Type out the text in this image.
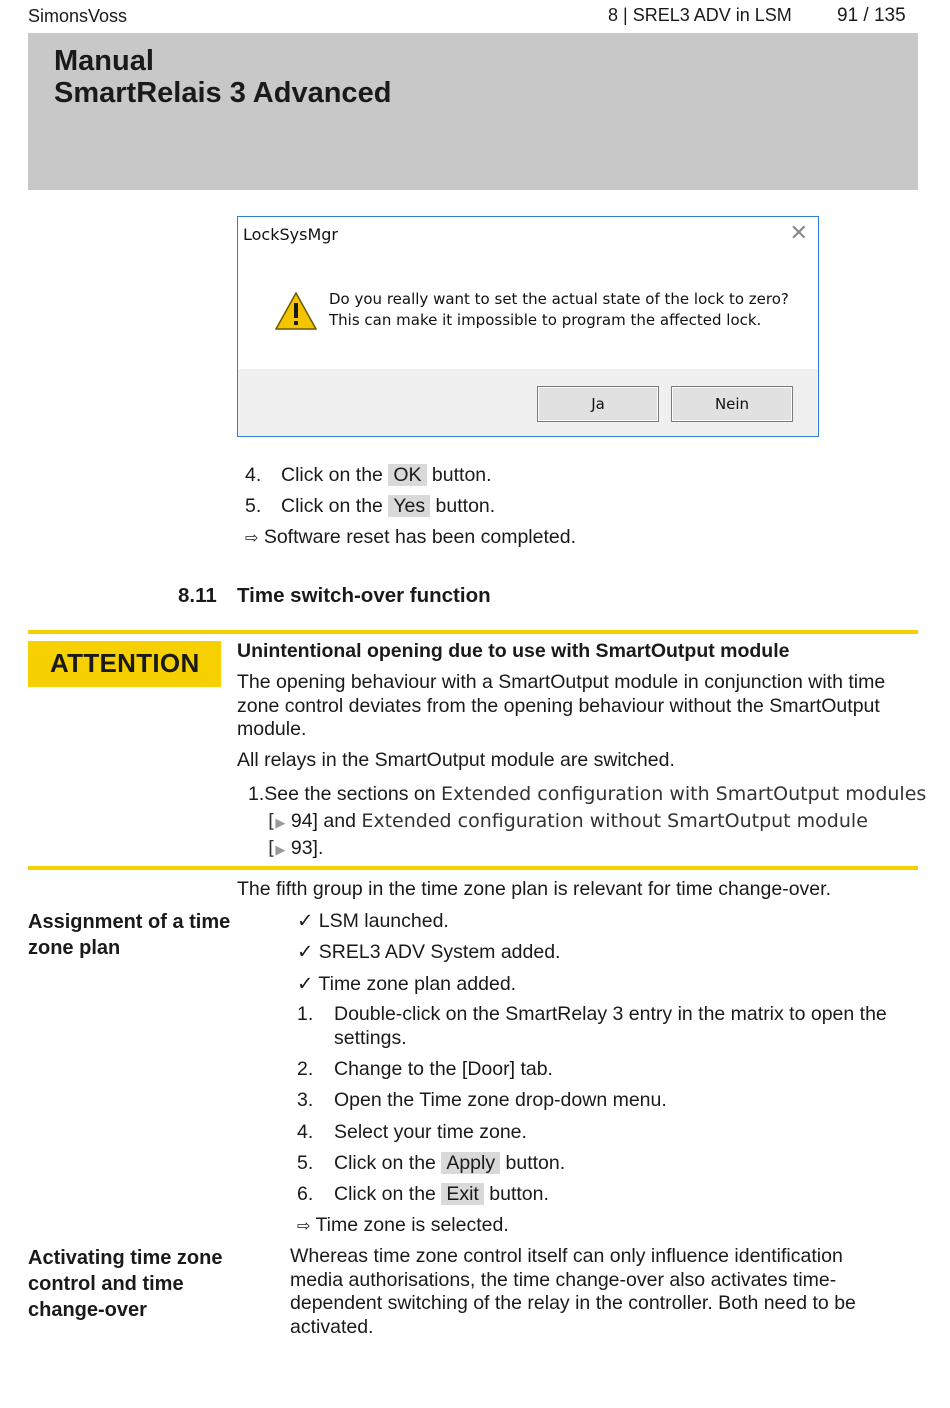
SimonsVoss	8 | SREL3 ADV in LSM 91 / 135
Manual
SmartRelais 3 Advanced
LockSysMgr	✕
Do you really want to set the actual state of the lock to zero?
This can make it impossible to program the affected lock.
Ja	Nein
4. Click on the OK button.
5. Click on the Yes button.
⇨ Software reset has been completed.
8.11 Time switch-over function
ATTENTION Unintentional opening due to use with SmartOutput module
The opening behaviour with a SmartOutput module in conjunction with time
zone control deviates from the opening behaviour without the SmartOutput
module.
All relays in the SmartOutput module are switched.
1.See the sections on Extended configuration with SmartOutput modules
[▶ 94] and Extended configuration without SmartOutput module
[▶ 93].
The fifth group in the time zone plan is relevant for time change-over.
Assignment of a time
zone plan
✓ LSM launched.
✓ SREL3 ADV System added.
✓ Time zone plan added.
1. Double-click on the SmartRelay 3 entry in the matrix to open the
settings.
2. Change to the [Door] tab.
3. Open the Time zone drop-down menu.
4. Select your time zone.
5. Click on the Apply button.
6. Click on the Exit button.
⇨ Time zone is selected.
Activating time zone
control and time
change-over
Whereas time zone control itself can only influence identification
media authorisations, the time change-over also activates time-
dependent switching of the relay in the controller. Both need to be
activated.
